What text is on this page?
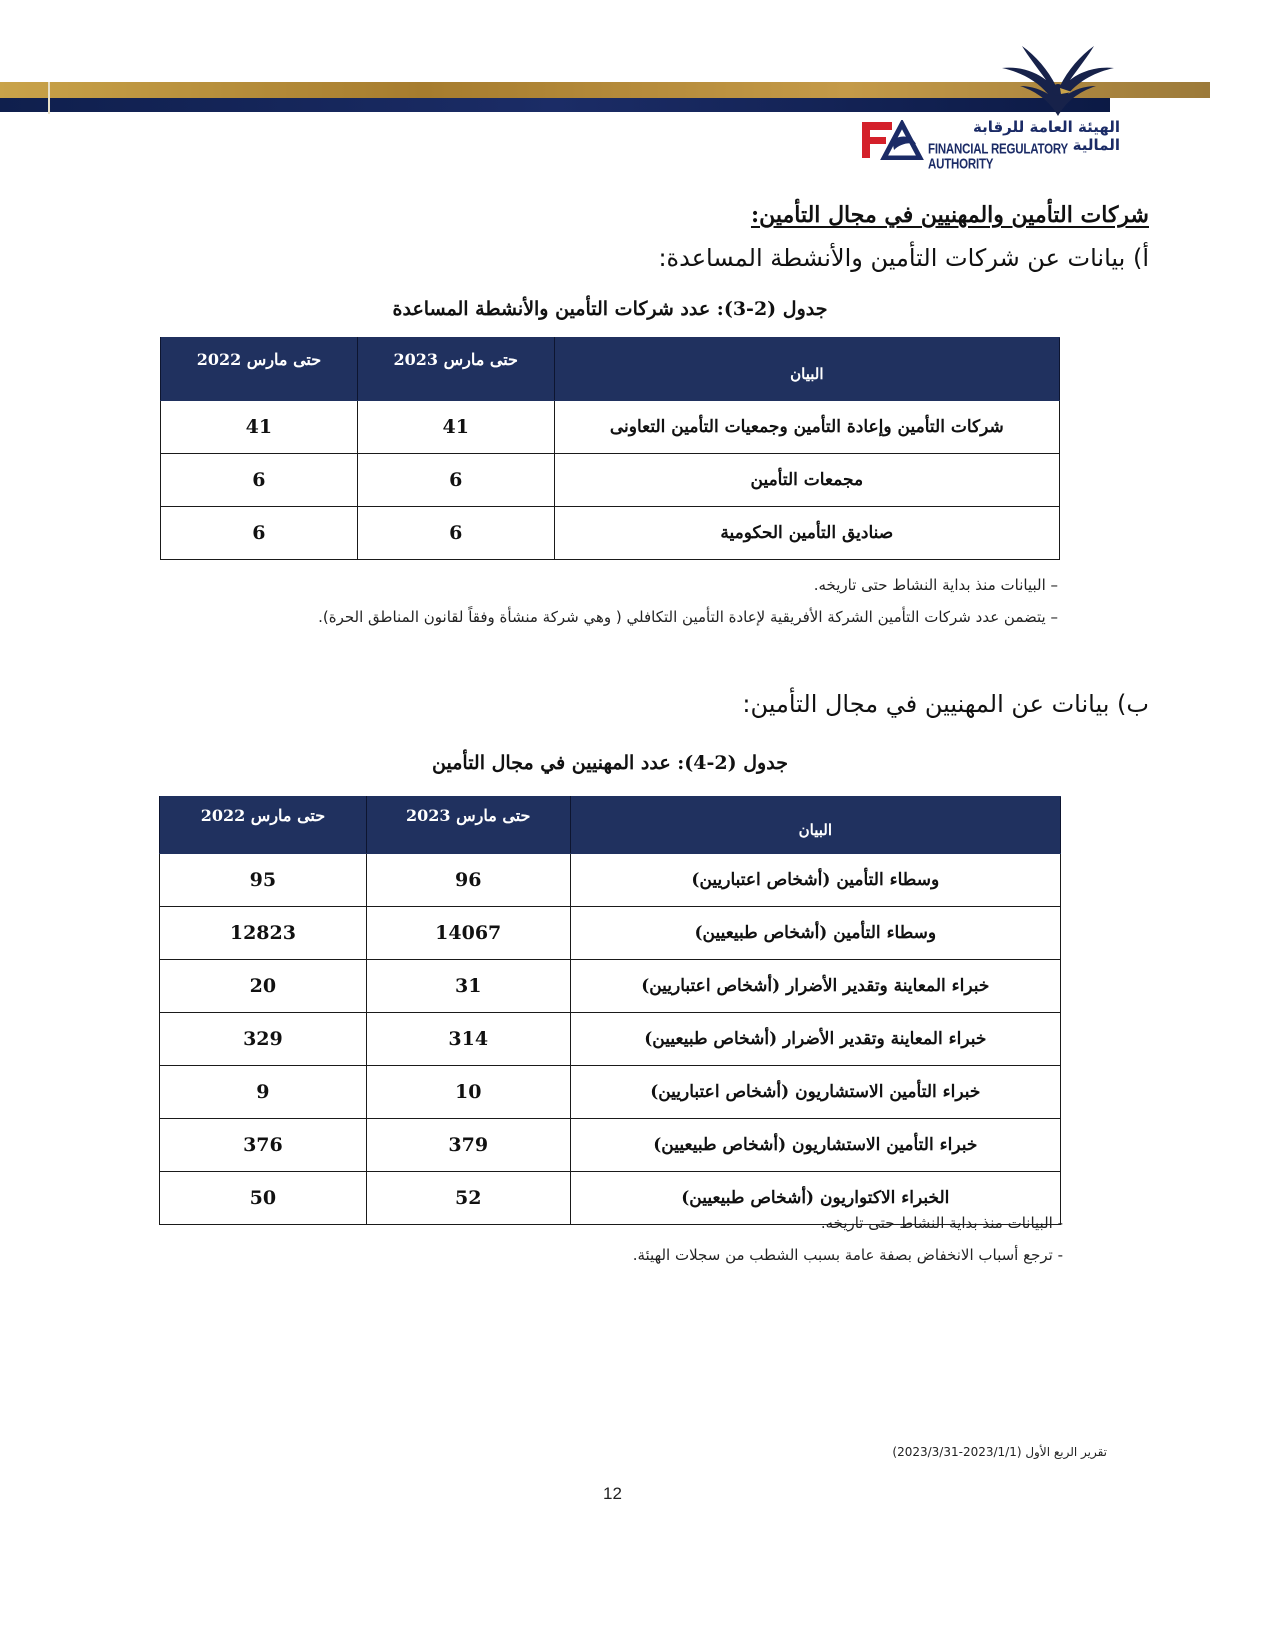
الهيئة العامة للرقابة المالية
FINANCIAL REGULATORY AUTHORITY
شركات التأمين والمهنيين في مجال التأمين:
أ) بيانات عن شركات التأمين والأنشطة المساعدة:
جدول (2-3): عدد شركات التأمين والأنشطة المساعدة
البيان	حتى مارس 2023	حتى مارس 2022
شركات التأمين وإعادة التأمين وجمعيات التأمين التعاونى	41	41
مجمعات التأمين	6	6
صناديق التأمين الحكومية	6	6

– البيانات منذ بداية النشاط حتى تاريخه.

– يتضمن عدد شركات التأمين الشركة الأفريقية لإعادة التأمين التكافلي ( وهي شركة منشأة وفقاً لقانون المناطق الحرة).

ب) بيانات عن المهنيين في مجال التأمين:
جدول (2-4): عدد المهنيين في مجال التأمين
البيان	حتى مارس 2023	حتى مارس 2022
وسطاء التأمين (أشخاص اعتباريين)	96	95
وسطاء التأمين (أشخاص طبيعيين)	14067	12823
خبراء المعاينة وتقدير الأضرار (أشخاص اعتباريين)	31	20
خبراء المعاينة وتقدير الأضرار (أشخاص طبيعيين)	314	329
خبراء التأمين الاستشاريون (أشخاص اعتباريين)	10	9
خبراء التأمين الاستشاريون (أشخاص طبيعيين)	379	376
الخبراء الاكتواريون (أشخاص طبيعيين)	52	50

- البيانات منذ بداية النشاط حتى تاريخه.

- ترجع أسباب الانخفاض بصفة عامة بسبب الشطب من سجلات الهيئة.

تقرير الربع الأول (2023/1/1-2023/3/31)
12
